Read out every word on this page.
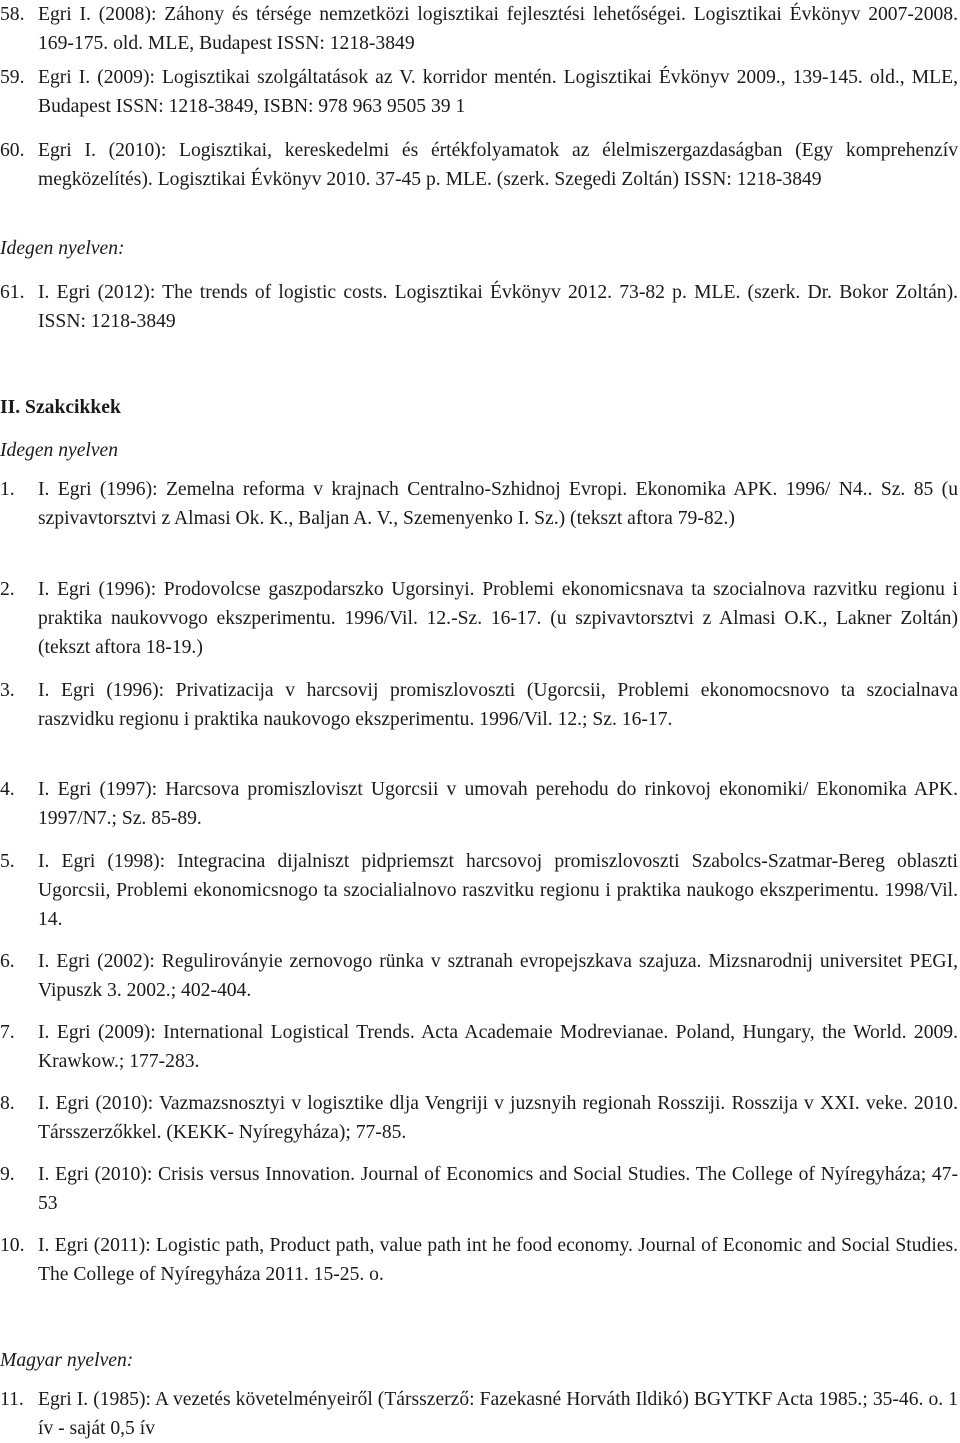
58. Egri I. (2008): Záhony és térsége nemzetközi logisztikai fejlesztési lehetőségei. Logisztikai Évkönyv 2007-2008. 169-175. old. MLE, Budapest ISSN: 1218-3849
59. Egri I. (2009): Logisztikai szolgáltatások az V. korridor mentén. Logisztikai Évkönyv 2009., 139-145. old., MLE, Budapest ISSN: 1218-3849, ISBN: 978 963 9505 39 1
60. Egri I. (2010): Logisztikai, kereskedelmi és értékfolyamatok az élelmiszergazdaságban (Egy komprehenzív megközelítés). Logisztikai Évkönyv 2010. 37-45 p. MLE. (szerk. Szegedi Zoltán) ISSN: 1218-3849
Idegen nyelven:
61. I. Egri (2012): The trends of logistic costs. Logisztikai Évkönyv 2012. 73-82 p. MLE. (szerk. Dr. Bokor Zoltán). ISSN: 1218-3849
II. Szakcikkek
Idegen nyelven
1. I. Egri (1996): Zemelna reforma v krajnach Centralno-Szhidnoj Evropi. Ekonomika APK. 1996/ N4.. Sz. 85 (u szpivavtorsztvi z Almasi Ok. K., Baljan A. V., Szemenyenko I. Sz.) (tekszt aftora 79-82.)
2. I. Egri (1996): Prodovolcse gaszpodarszko Ugorsinyi. Problemi ekonomicsnava ta szocialnova razvitku regionu i praktika naukovvogo ekszperimentu. 1996/Vil. 12.-Sz. 16-17. (u szpivavtorsztvi z Almasi O.K., Lakner Zoltán) (tekszt aftora 18-19.)
3. I. Egri (1996): Privatizacija v harcsovij promiszlovoszti (Ugorcsii, Problemi ekonomocsnovo ta szocialnava raszvidku regionu i praktika naukovogo ekszperimentu. 1996/Vil. 12.; Sz. 16-17.
4. I. Egri (1997): Harcsova promiszloviszt Ugorcsii v umovah perehodu do rinkovoj ekonomiki/ Ekonomika APK. 1997/N7.; Sz. 85-89.
5. I. Egri (1998): Integracina dijalniszt pidpriemszt harcsovoj promiszlovoszti Szabolcs-Szatmar-Bereg oblaszti Ugorcsii, Problemi ekonomicsnogo ta szocialialnovo raszvitku regionu i praktika naukogo ekszperimentu. 1998/Vil. 14.
6. I. Egri (2002): Reguliroványie zernovogo rünka v sztranah evropejszkava szajuza. Mizsnarodnij universitet PEGI, Vipuszk 3. 2002.; 402-404.
7. I. Egri (2009): International Logistical Trends. Acta Academaie Modrevianae. Poland, Hungary, the World. 2009. Krawkow.; 177-283.
8. I. Egri (2010): Vazmazsnosztyi v logisztike dlja Vengriji v juzsnyih regionah Rossziji. Rosszija v XXI. veke. 2010. Társszerzőkkel. (KEKK- Nyíregyháza); 77-85.
9. I. Egri (2010): Crisis versus Innovation. Journal of Economics and Social Studies. The College of Nyíregyháza; 47-53
10. I. Egri (2011): Logistic path, Product path, value path int he food economy. Journal of Economic and Social Studies. The College of Nyíregyháza 2011. 15-25. o.
Magyar nyelven:
11. Egri I. (1985): A vezetés követelményeiről (Társszerző: Fazekasné Horváth Ildikó) BGYTKF Acta 1985.; 35-46. o. 1 ív - saját 0,5 ív
